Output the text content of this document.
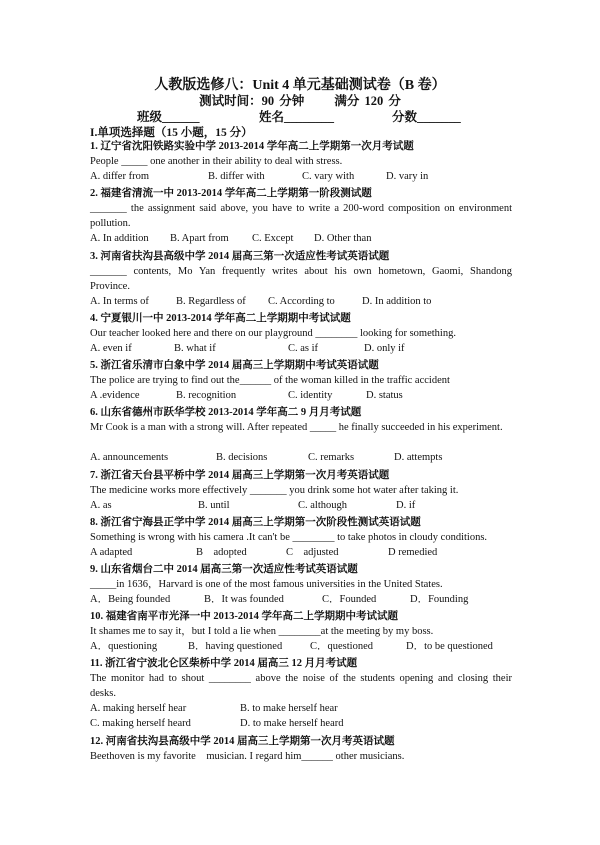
人教版选修八：Unit 4 单元基础测试卷（B 卷）
测试时间：90 分钟　　 满分 120 分
班级______	姓名________	分数_______
I.单项选择题（15 小题，15 分）
1. 辽宁省沈阳铁路实验中学 2013-2014 学年高二上学期第一次月考试题
People _____ one another in their ability to deal with stress.
A. differ from	B. differ with	C. vary with	D. vary in
2. 福建省清流一中 2013-2014 学年高二上学期第一阶段测试题
_______ the assignment said above, you have to write a 200-word composition on environment
pollution.
A. In addition B. Apart from C. Except D. Other than
3. 河南省扶沟县高级中学 2014 届高三第一次适应性考试英语试题
_______ contents, Mo Yan frequently writes about his own hometown, Gaomi, Shandong
Province.
A. In terms of	B. Regardless of C. According to	D. In addition to
4. 宁夏银川一中 2013-2014 学年高二上学期期中考试试题
Our teacher looked here and there on our playground ________ looking for something.
A. even if	B. what if	C. as if	D. only if
5. 浙江省乐清市白象中学 2014 届高三上学期期中考试英语试题
The police are trying to find out the______ of the woman killed in the traffic accident
A .evidence	B. recognition	C. identity	D. status
6. 山东省德州市跃华学校 2013-2014 学年高二 9 月月考试题
Mr Cook is a man with a strong will. After repeated _____ he finally succeeded in his experiment.
A. announcements	B. decisions	C. remarks	D. attempts
7. 浙江省天台县平桥中学 2014 届高三上学期第一次月考英语试题
The medicine works more effectively _______ you drink some hot water after taking it.
A. as	B. until	C. although	D. if
8. 浙江省宁海县正学中学 2014 届高三上学期第一次阶段性测试英语试题
Something is wrong with his camera .It can't be ________ to take photos in cloudy conditions.
A adapted	B　adopted	C　adjusted	D remedied
9. 山东省烟台二中 2014 届高三第一次适应性考试英语试题
_____in 1636，Harvard is one of the most famous universities in the United States.
A．Being founded	B．It was founded	C．Founded	D．Founding
10. 福建省南平市光泽一中 2013-2014 学年高二上学期期中考试试题
It shames me to say it，but I told a lie when ________at the meeting by my boss.
A．questioning	B．having questioned	C．questioned	D．to be questioned
11. 浙江省宁波北仑区柴桥中学 2014 届高三 12 月月考试题
The monitor had to shout ________ above the noise of the students opening and closing their
desks.
A. making herself hear	B. to make herself hear
C. making herself heard	D. to make herself heard
12. 河南省扶沟县高级中学 2014 届高三上学期第一次月考英语试题
Beethoven is my favorite　musician. I regard him______ other musicians.
